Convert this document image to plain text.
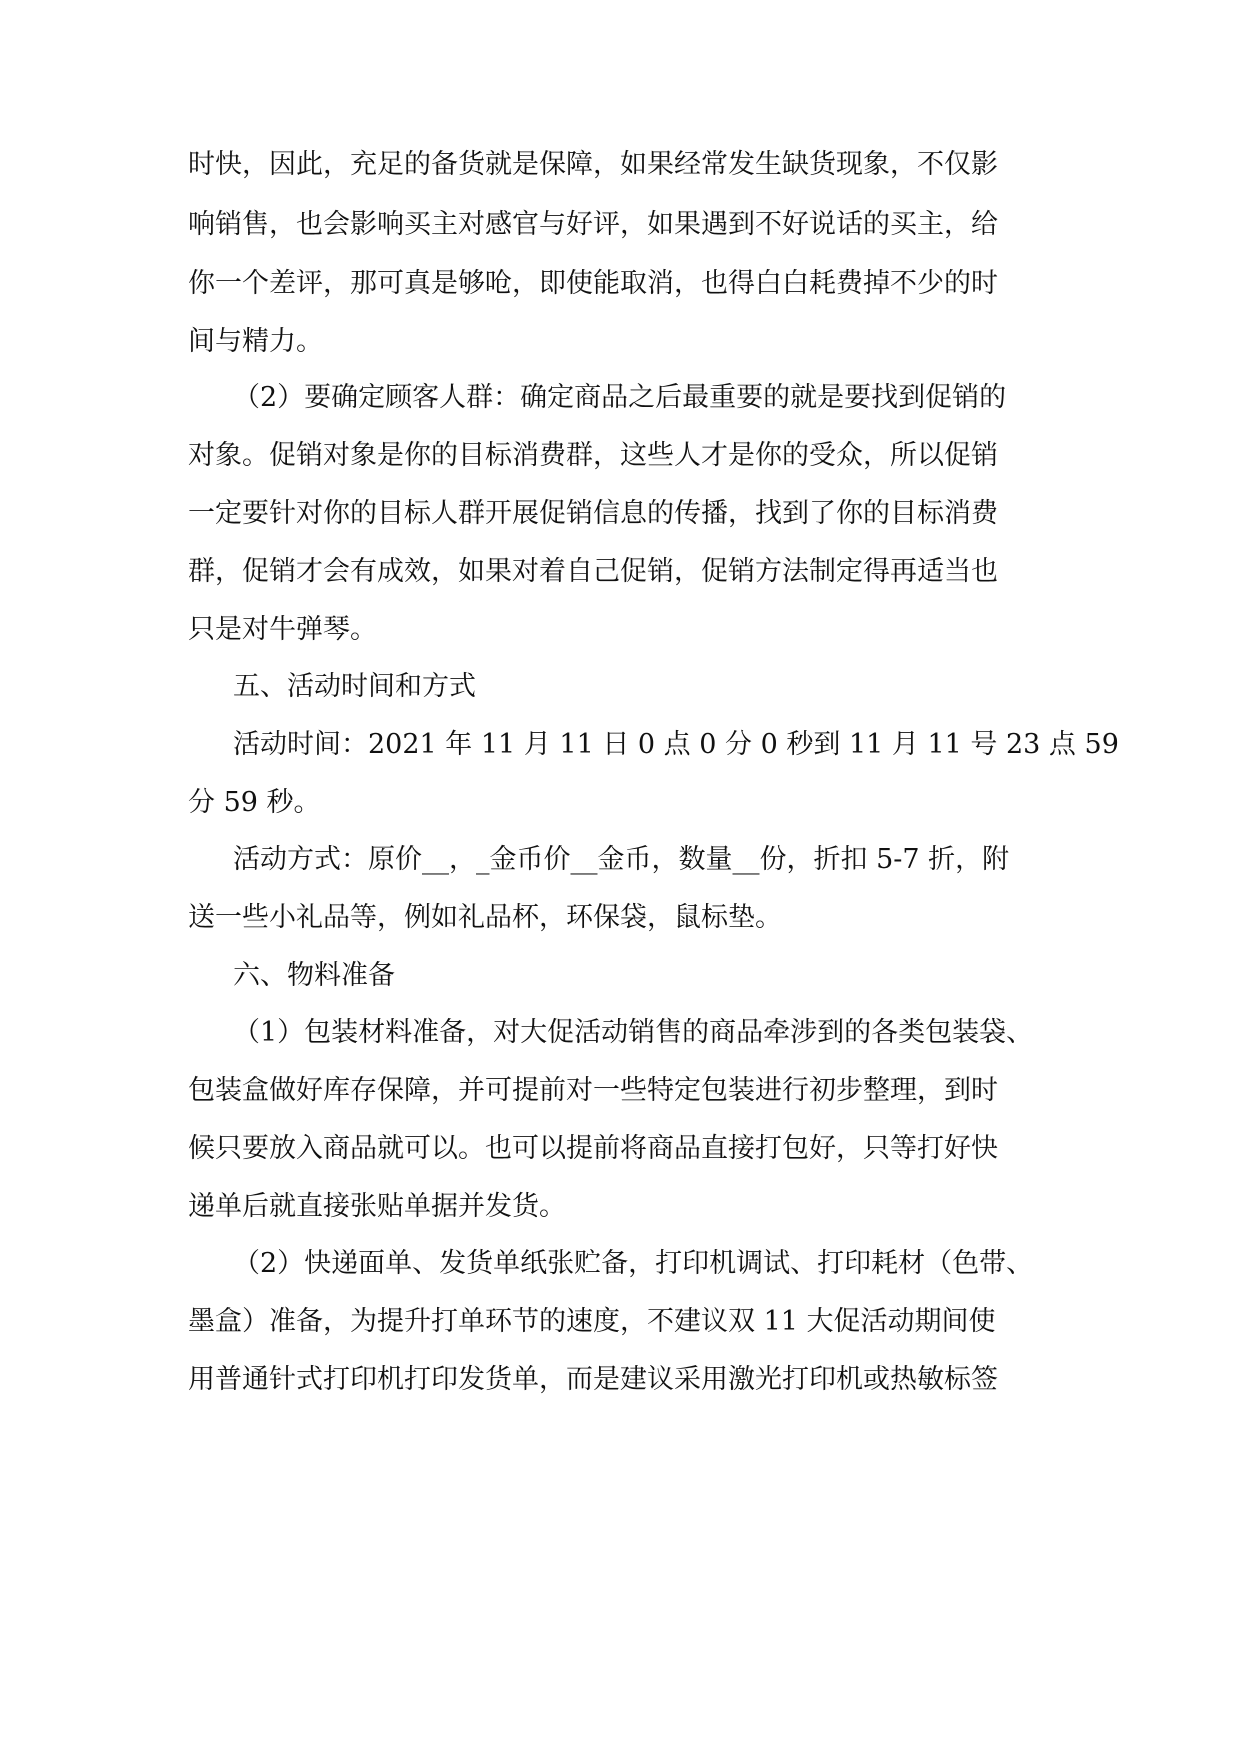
时快，因此，充足的备货就是保障，如果经常发生缺货现象，不仅影
响销售，也会影响买主对感官与好评，如果遇到不好说话的买主，给
你一个差评，那可真是够呛，即使能取消，也得白白耗费掉不少的时
间与精力。
（2）要确定顾客人群：确定商品之后最重要的就是要找到促销的
对象。促销对象是你的目标消费群，这些人才是你的受众，所以促销
一定要针对你的目标人群开展促销信息的传播，找到了你的目标消费
群，促销才会有成效，如果对着自己促销，促销方法制定得再适当也
只是对牛弹琴。
五、活动时间和方式
活动时间：2021 年 11 月 11 日 0 点 0 分 0 秒到 11 月 11 号 23 点 59
分 59 秒。
活动方式：原价__，_金币价__金币，数量__份，折扣 5-7 折，附
送一些小礼品等，例如礼品杯，环保袋，鼠标垫。
六、物料准备
（1）包装材料准备，对大促活动销售的商品牵涉到的各类包装袋、
包装盒做好库存保障，并可提前对一些特定包装进行初步整理，到时
候只要放入商品就可以。也可以提前将商品直接打包好，只等打好快
递单后就直接张贴单据并发货。
（2）快递面单、发货单纸张贮备，打印机调试、打印耗材（色带、
墨盒）准备，为提升打单环节的速度，不建议双 11 大促活动期间使
用普通针式打印机打印发货单，而是建议采用激光打印机或热敏标签
